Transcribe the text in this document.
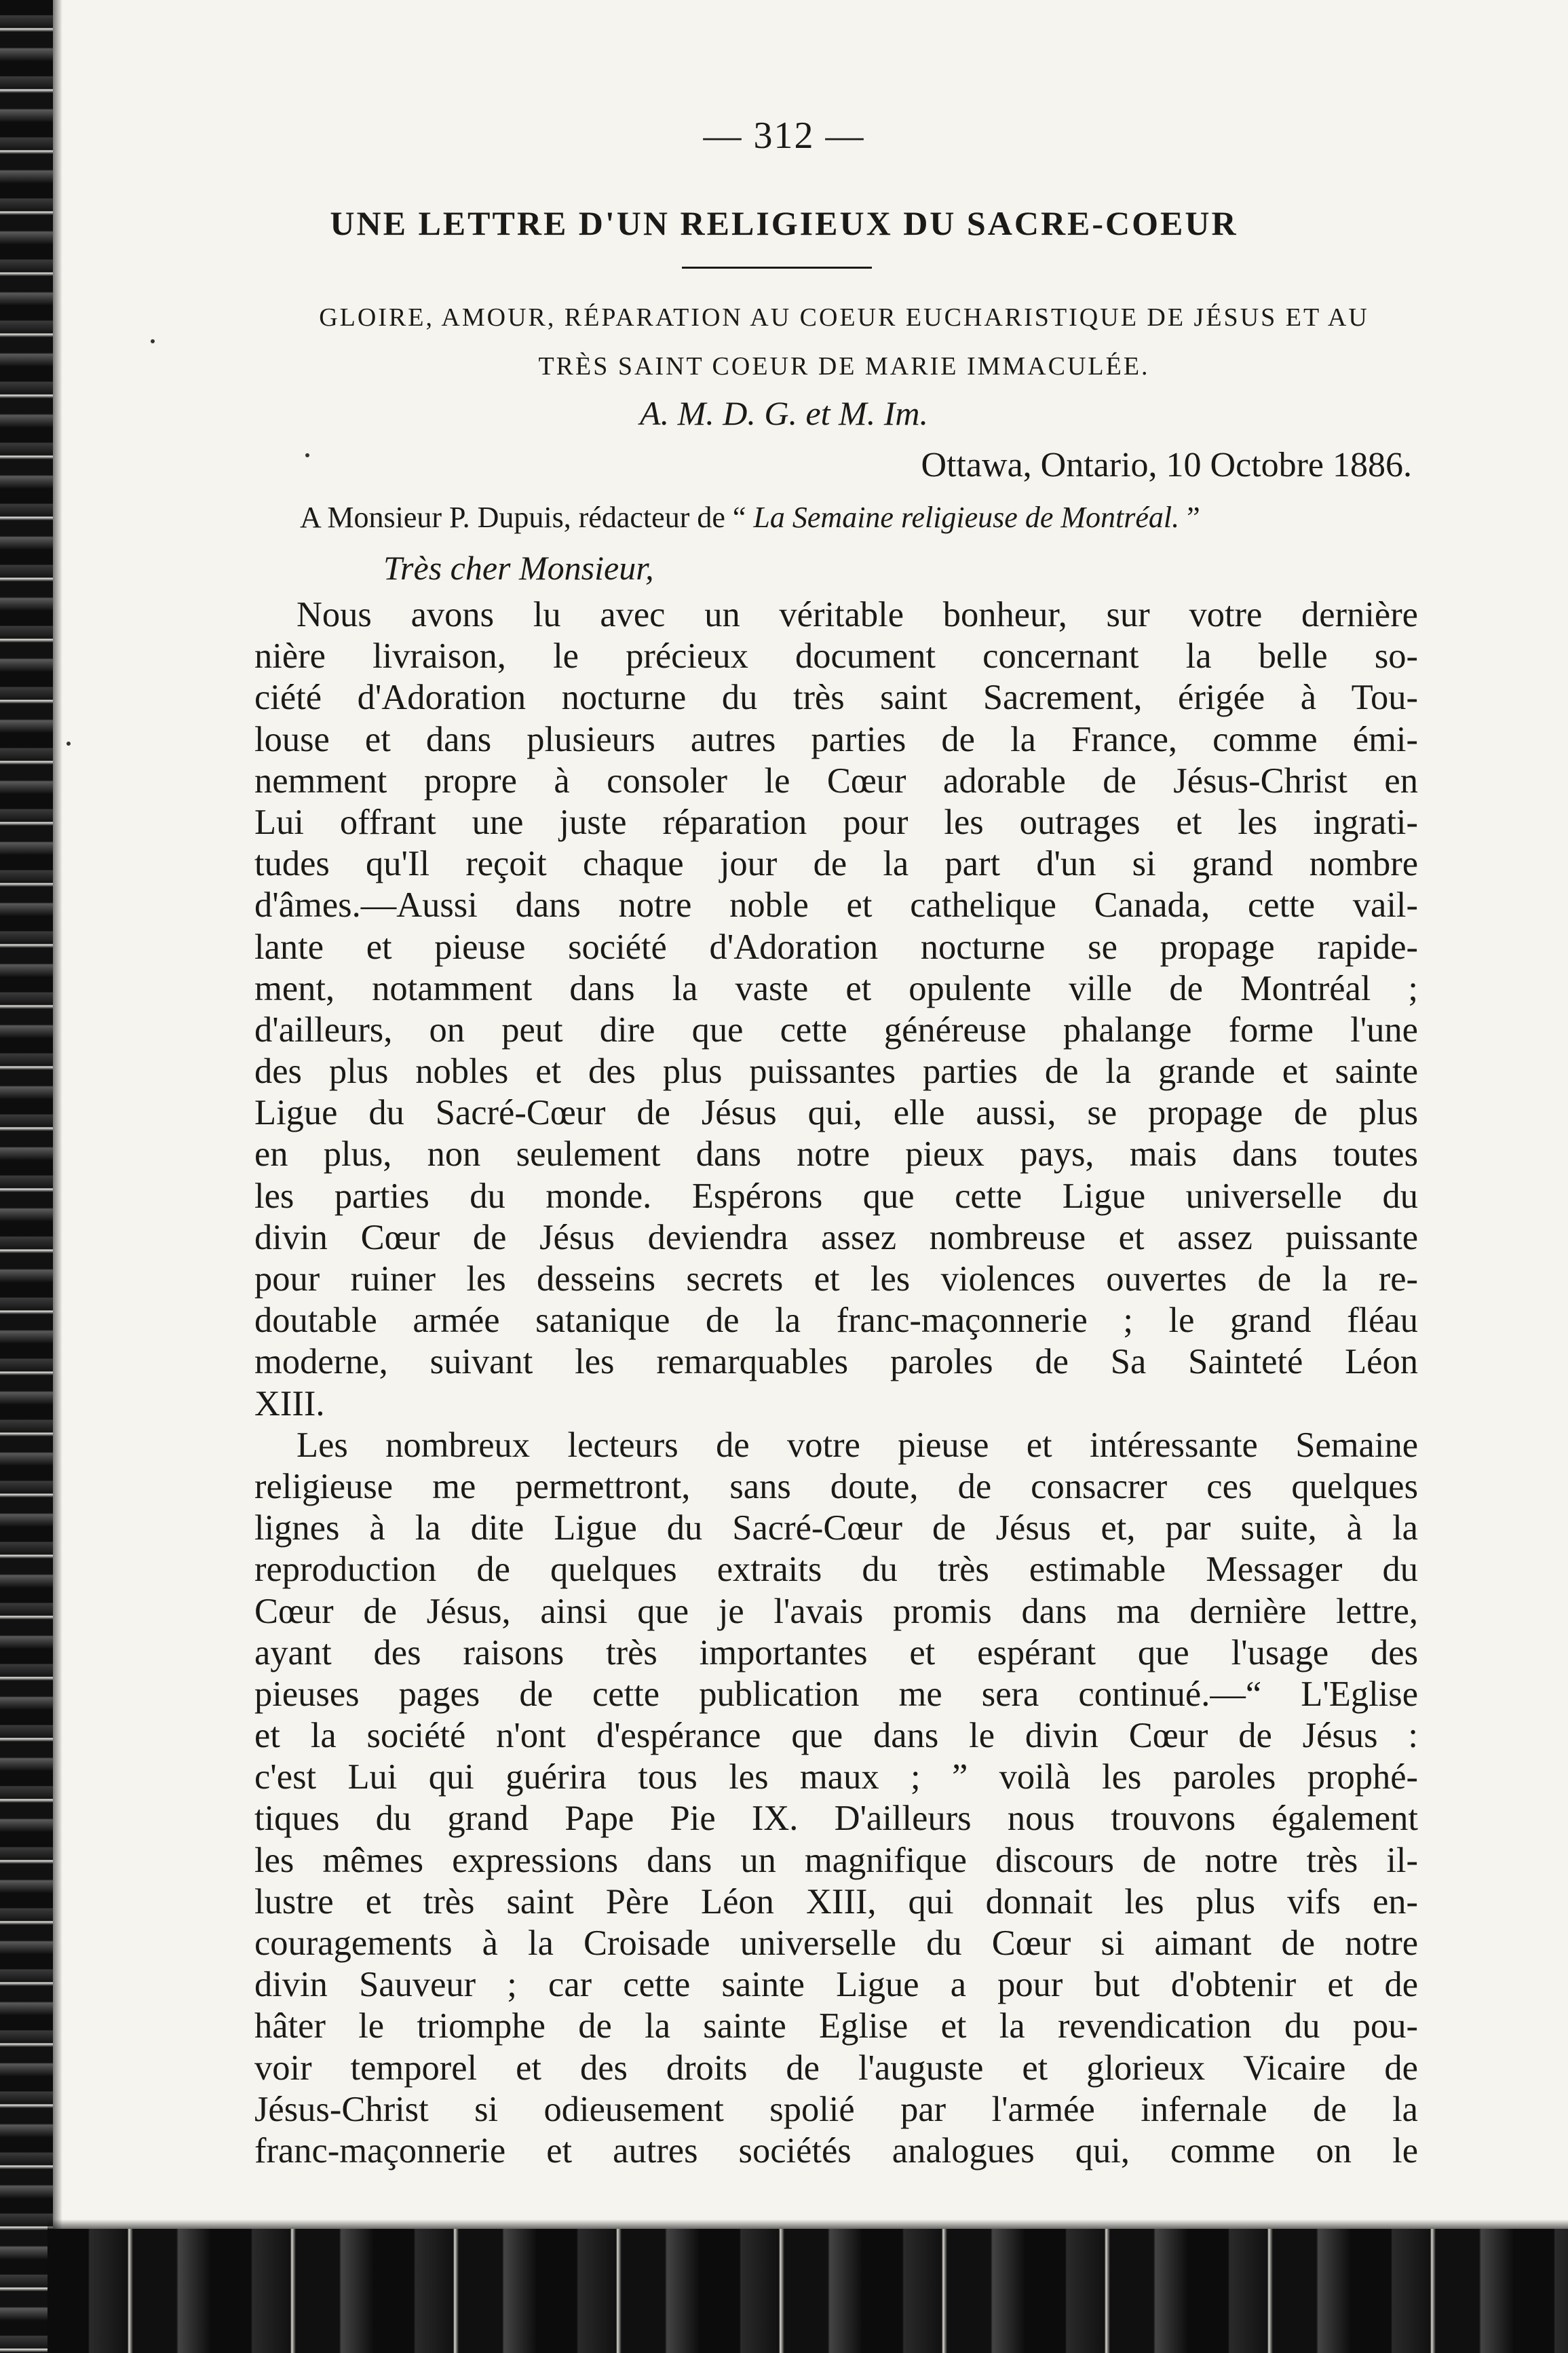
— 312 —
UNE LETTRE D'UN RELIGIEUX DU SACRE-COEUR
GLOIRE, AMOUR, RÉPARATION AU COEUR EUCHARISTIQUE DE JÉSUS ET AU
TRÈS SAINT COEUR DE MARIE IMMACULÉE.
A. M. D. G. et M. Im.
Ottawa, Ontario, 10 Octobre 1886.
A Monsieur P. Dupuis, rédacteur de “ La Semaine religieuse de Montréal. ”
Très cher Monsieur,
Nous avons lu avec un véritable bonheur, sur votre dernière
nière livraison, le précieux document concernant la belle so-
ciété d'Adoration nocturne du très saint Sacrement, érigée à Tou-
louse et dans plusieurs autres parties de la France, comme émi-
nemment propre à consoler le Cœur adorable de Jésus-Christ en
Lui offrant une juste réparation pour les outrages et les ingrati-
tudes qu'Il reçoit chaque jour de la part d'un si grand nombre
d'âmes.—Aussi dans notre noble et cathelique Canada, cette vail-
lante et pieuse société d'Adoration nocturne se propage rapide-
ment, notamment dans la vaste et opulente ville de Montréal ;
d'ailleurs, on peut dire que cette généreuse phalange forme l'une
des plus nobles et des plus puissantes parties de la grande et sainte
Ligue du Sacré-Cœur de Jésus qui, elle aussi, se propage de plus
en plus, non seulement dans notre pieux pays, mais dans toutes
les parties du monde. Espérons que cette Ligue universelle du
divin Cœur de Jésus deviendra assez nombreuse et assez puissante
pour ruiner les desseins secrets et les violences ouvertes de la re-
doutable armée satanique de la franc-maçonnerie ; le grand fléau
moderne, suivant les remarquables paroles de Sa Sainteté Léon
XIII.
Les nombreux lecteurs de votre pieuse et intéressante Semaine
religieuse me permettront, sans doute, de consacrer ces quelques
lignes à la dite Ligue du Sacré-Cœur de Jésus et, par suite, à la
reproduction de quelques extraits du très estimable Messager du
Cœur de Jésus, ainsi que je l'avais promis dans ma dernière lettre,
ayant des raisons très importantes et espérant que l'usage des
pieuses pages de cette publication me sera continué.—“ L'Eglise
et la société n'ont d'espérance que dans le divin Cœur de Jésus :
c'est Lui qui guérira tous les maux ; ” voilà les paroles prophé-
tiques du grand Pape Pie IX. D'ailleurs nous trouvons également
les mêmes expressions dans un magnifique discours de notre très il-
lustre et très saint Père Léon XIII, qui donnait les plus vifs en-
couragements à la Croisade universelle du Cœur si aimant de notre
divin Sauveur ; car cette sainte Ligue a pour but d'obtenir et de
hâter le triomphe de la sainte Eglise et la revendication du pou-
voir temporel et des droits de l'auguste et glorieux Vicaire de
Jésus-Christ si odieusement spolié par l'armée infernale de la
franc-maçonnerie et autres sociétés analogues qui, comme on le
